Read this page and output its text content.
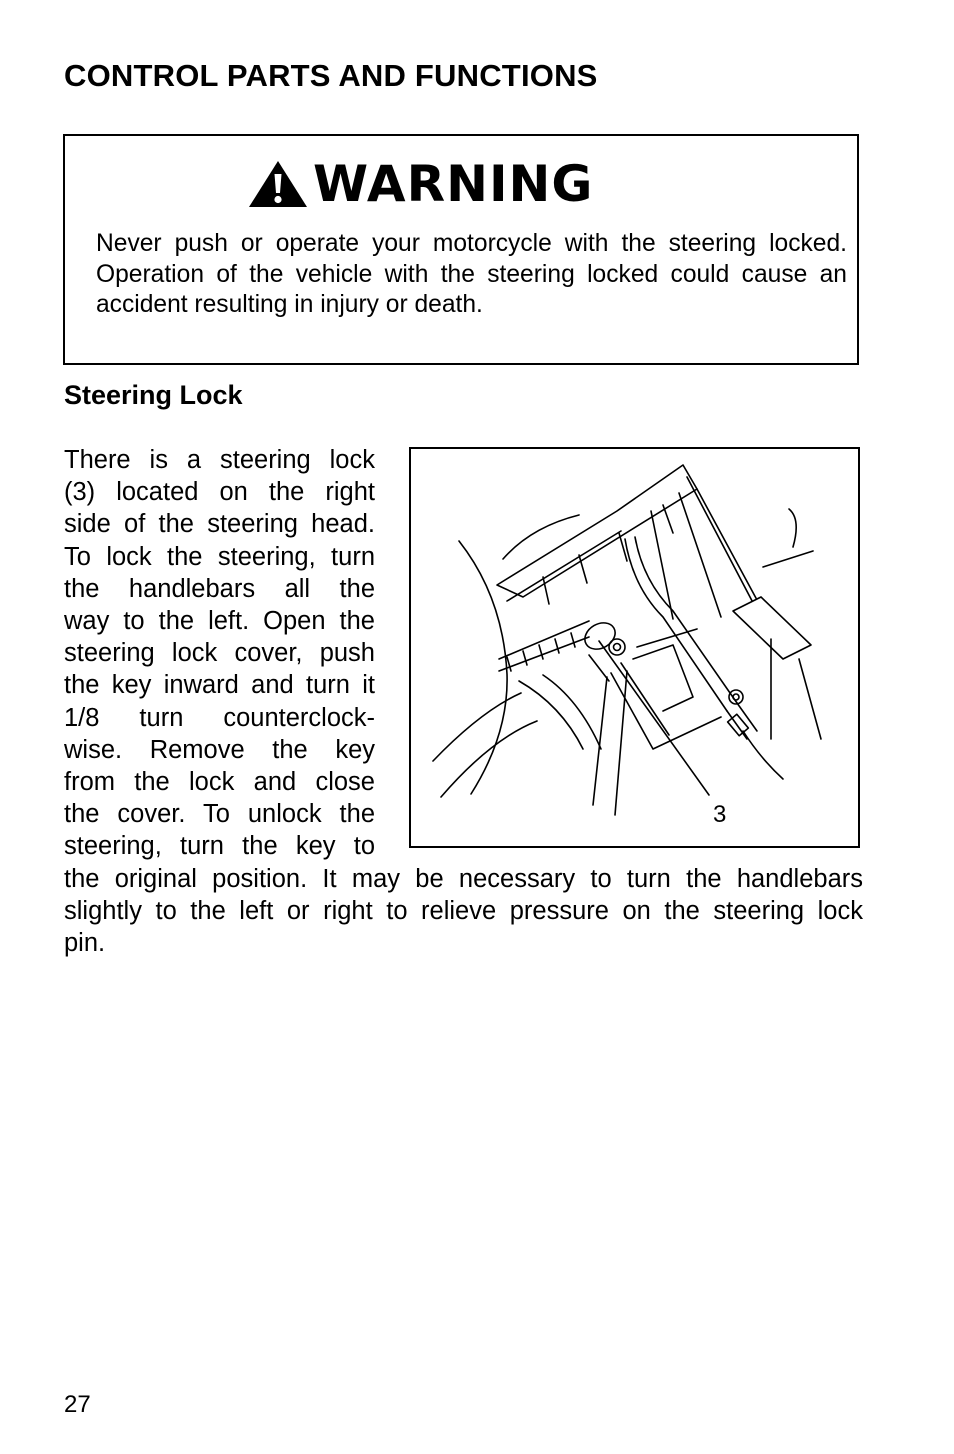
CONTROL PARTS AND FUNCTIONS
WARNING

Never push or operate your motorcycle with the steering locked. Operation of the vehicle with the steering locked could cause an accident resulting in injury or death.

Steering Lock
3
There is a steering lock
(3) located on the right
side of the steering head.
To lock the steering, turn
the handlebars all the
way to the left. Open the
steering lock cover, push
the key inward and turn it
1/8 turn counterclock-
wise. Remove the key
from the lock and close
the cover. To unlock the
steering, turn the key to
the original position. It may be necessary to turn the handlebars
slightly to the left or right to relieve pressure on the steering lock
pin.

27
